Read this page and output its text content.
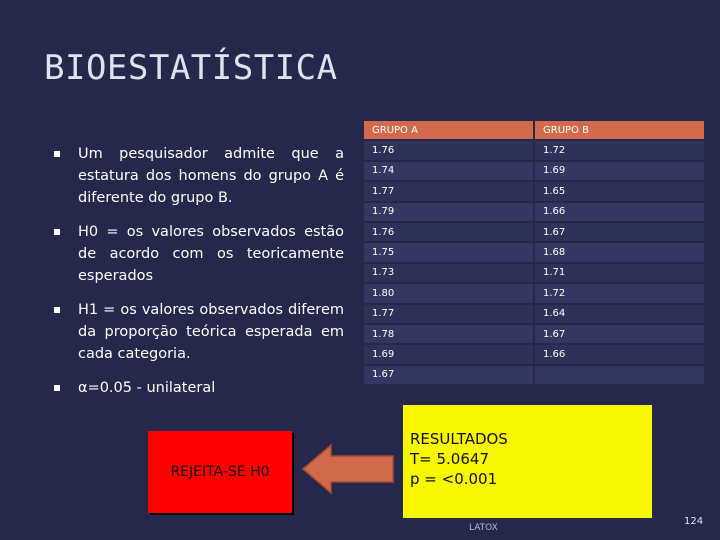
BIOESTATÍSTICA
Um pesquisador admite que a estatura dos homens do grupo A é diferente do grupo B.
H0 = os valores observados estão de acordo com os teoricamente esperados
H1 = os valores observados diferem da proporção teórica esperada em cada categoria.
α=0.05 - unilateral
GRUPO A	GRUPO B
1.76	1.72
1.74	1.69
1.77	1.65
1.79	1.66
1.76	1.67
1.75	1.68
1.73	1.71
1.80	1.72
1.77	1.64
1.78	1.67
1.69	1.66
1.67	
REJEITA-SE H0
RESULTADOS
T= 5.0647
p = <0.001
LATOX
124
